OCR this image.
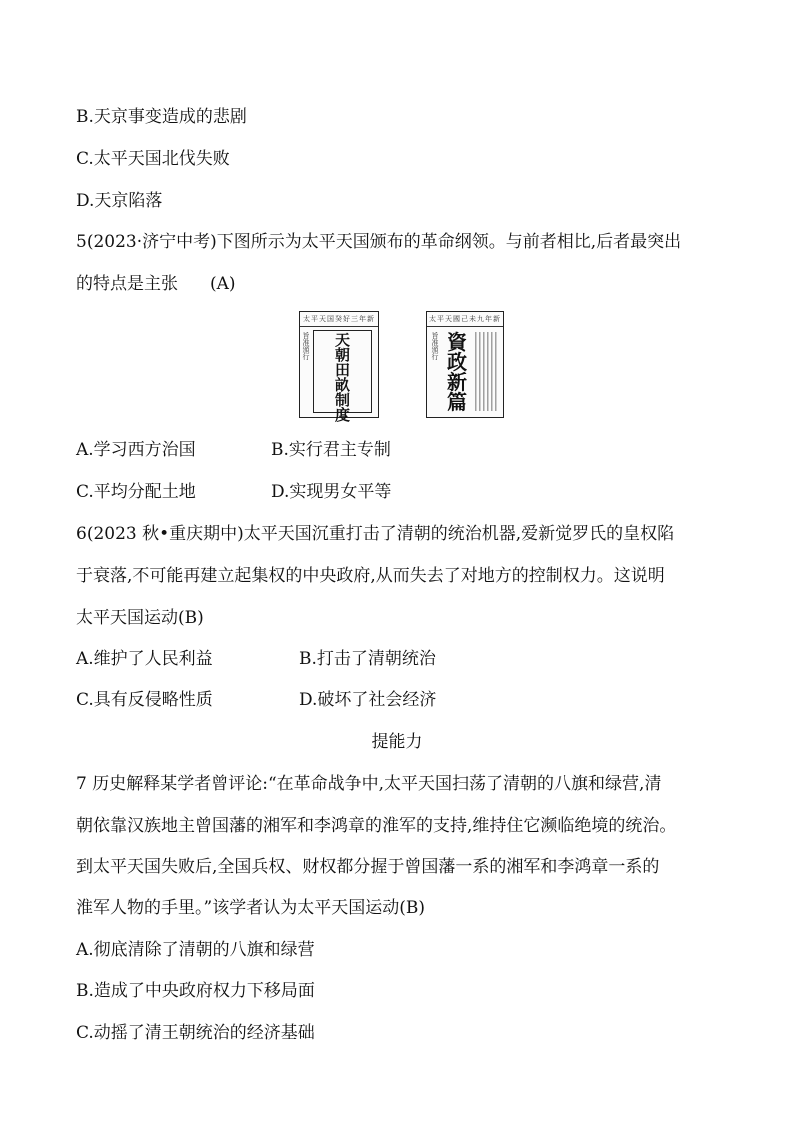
B.天京事变造成的悲剧
C.太平天国北伐失败
D.天京陷落
5(2023·济宁中考)下图所示为太平天国颁布的革命纲领。与前者相比,后者最突出
的特点是主张 (A)
太平天国癸好三年新
天
朝
田
畝
制
度
旨准頒行
太平天國己未九年新
旨准頒行 資
政
新
篇
A.学习西方治国	B.实行君主专制
C.平均分配土地	D.实现男女平等
6(2023 秋•重庆期中)太平天国沉重打击了清朝的统治机器,爱新觉罗氏的皇权陷
于衰落,不可能再建立起集权的中央政府,从而失去了对地方的控制权力。这说明
太平天国运动(B)
A.维护了人民利益	B.打击了清朝统治
C.具有反侵略性质	D.破坏了社会经济
提能力
7 历史解释某学者曾评论:“在革命战争中,太平天国扫荡了清朝的八旗和绿营,清
朝依靠汉族地主曾国藩的湘军和李鸿章的淮军的支持,维持住它濒临绝境的统治。
到太平天国失败后,全国兵权、财权都分握于曾国藩一系的湘军和李鸿章一系的
淮军人物的手里。”该学者认为太平天国运动(B)
A.彻底清除了清朝的八旗和绿营
B.造成了中央政府权力下移局面
C.动摇了清王朝统治的经济基础
